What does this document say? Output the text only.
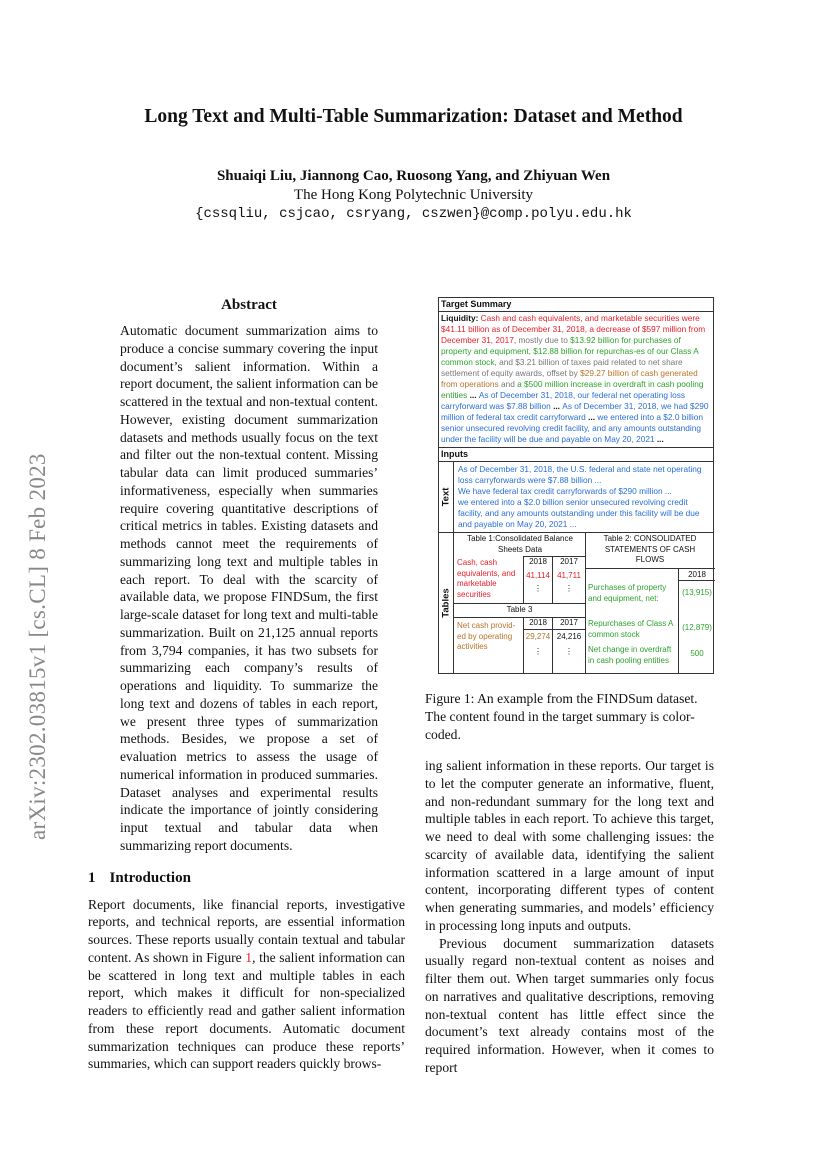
arXiv:2302.03815v1 [cs.CL] 8 Feb 2023
Long Text and Multi-Table Summarization: Dataset and Method
Shuaiqi Liu, Jiannong Cao, Ruosong Yang, and Zhiyuan Wen
The Hong Kong Polytechnic University
{cssqliu, csjcao, csryang, cszwen}@comp.polyu.edu.hk
Abstract
Automatic document summarization aims to produce a concise summary covering the input document’s salient information. Within a report document, the salient information can be scattered in the textual and non-textual content. However, existing document summarization datasets and methods usually focus on the text and filter out the non-textual content. Missing tabular data can limit produced summaries’ informativeness, especially when summaries require covering quantitative descriptions of critical metrics in tables. Existing datasets and methods cannot meet the requirements of summarizing long text and multiple tables in each report. To deal with the scarcity of available data, we propose FINDSum, the first large-scale dataset for long text and multi-table summarization. Built on 21,125 annual reports from 3,794 companies, it has two subsets for summarizing each company’s results of operations and liquidity. To summarize the long text and dozens of tables in each report, we present three types of summarization methods. Besides, we propose a set of evaluation metrics to assess the usage of numerical information in produced summaries. Dataset analyses and experimental results indicate the importance of jointly considering input textual and tabular data when summarizing report documents.
1 Introduction
Report documents, like financial reports, investigative reports, and technical reports, are essential information sources. These reports usually contain textual and tabular content. As shown in Figure 1, the salient information can be scattered in long text and multiple tables in each report, which makes it difficult for non-specialized readers to efficiently read and gather salient information from these report documents. Automatic document summarization techniques can produce these reports’ summaries, which can support readers quickly brows-
Target Summary
Liquidity: Cash and cash equivalents, and marketable securities were $41.11 billion as of December 31, 2018, a decrease of $597 million from December 31, 2017, mostly due to $13.92 billion for purchases of property and equipment, $12.88 billion for repurchas-es of our Class A common stock, and $3.21 billion of taxes paid related to net share settlement of equity awards, offset by $29.27 billion of cash generated from operations and a $500 million increase in overdraft in cash pooling entities ... As of December 31, 2018, our federal net operating loss carryforward was $7.88 billion ... As of December 31, 2018, we had $290 million of federal tax credit carryforward ... we entered into a $2.0 billion senior unsecured revolving credit facility, and any amounts outstanding under the facility will be due and payable on May 20, 2021 ...
Inputs
Text
As of December 31, 2018, the U.S. federal and state net operating loss carryforwards were $7.88 billion ...
We have federal tax credit carryforwards of $290 million ...
we entered into a $2.0 billion senior unsecured revolving credit facility, and any amounts outstanding under this facility will be due and payable on May 20, 2021 ...
Tables
Table 1:Consolidated Balance Sheets Data
2018	2017
Cash, cash equivalents, and marketable securities
41,114 41,711
⋮	⋮
Table 3
2018	2017
Net cash provid-ed by operating activities
29,274 24,216
⋮	⋮
Table 2: CONSOLIDATED STATEMENTS OF CASH FLOWS
2018
Purchases of property and equipment, net:
(13,915)
Repurchases of Class A common stock
(12,879)
Net change in overdraft in cash pooling entities
500
Figure 1: An example from the FINDSum dataset. The content found in the target summary is color-coded.

ing salient information in these reports. Our target is to let the computer generate an informative, fluent, and non-redundant summary for the long text and multiple tables in each report. To achieve this target, we need to deal with some challenging issues: the scarcity of available data, identifying the salient information scattered in a large amount of input content, incorporating different types of content when generating summaries, and models’ efficiency in processing long inputs and outputs.

Previous document summarization datasets usually regard non-textual content as noises and filter them out. When target summaries only focus on narratives and qualitative descriptions, removing non-textual content has little effect since the document’s text already contains most of the required information. However, when it comes to report
